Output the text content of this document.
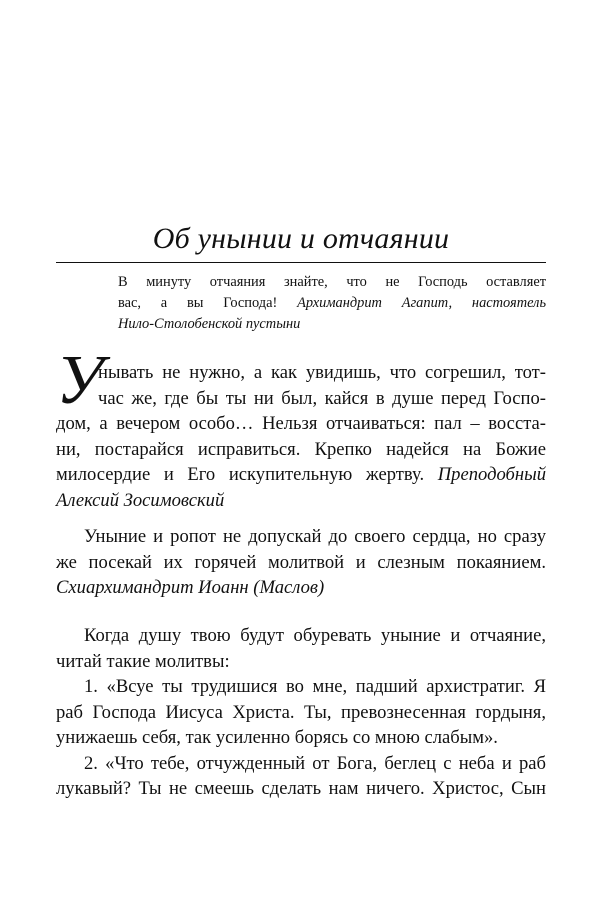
Об унынии и отчаянии
В минуту отчаяния знайте, что не Господь оставляет
вас, а вы Господа! Архимандрит Агапит, настоятель
Нило-Столобенской пустыни
У
нывать не нужно, а как увидишь, что согрешил, тот-
час же, где бы ты ни был, кайся в душе перед Госпо-
дом, а вечером особо… Нельзя отчаиваться: пал – восста-
ни, постарайся исправиться. Крепко надейся на Божие
милосердие и Его искупительную жертву. Преподобный
Алексий Зосимовский
Уныние и ропот не допускай до своего сердца, но сразу
же посекай их горячей молитвой и слезным покаянием.
Схиархимандрит Иоанн (Маслов)
Когда душу твою будут обуревать уныние и отчаяние,
читай такие молитвы:
1. «Всуе ты трудишися во мне, падший архистратиг. Я
раб Господа Иисуса Христа. Ты, превознесенная гордыня,
унижаешь себя, так усиленно борясь со мною слабым».
2. «Что тебе, отчужденный от Бога, беглец с неба и раб
лукавый? Ты не смеешь сделать нам ничего. Христос, Сын
